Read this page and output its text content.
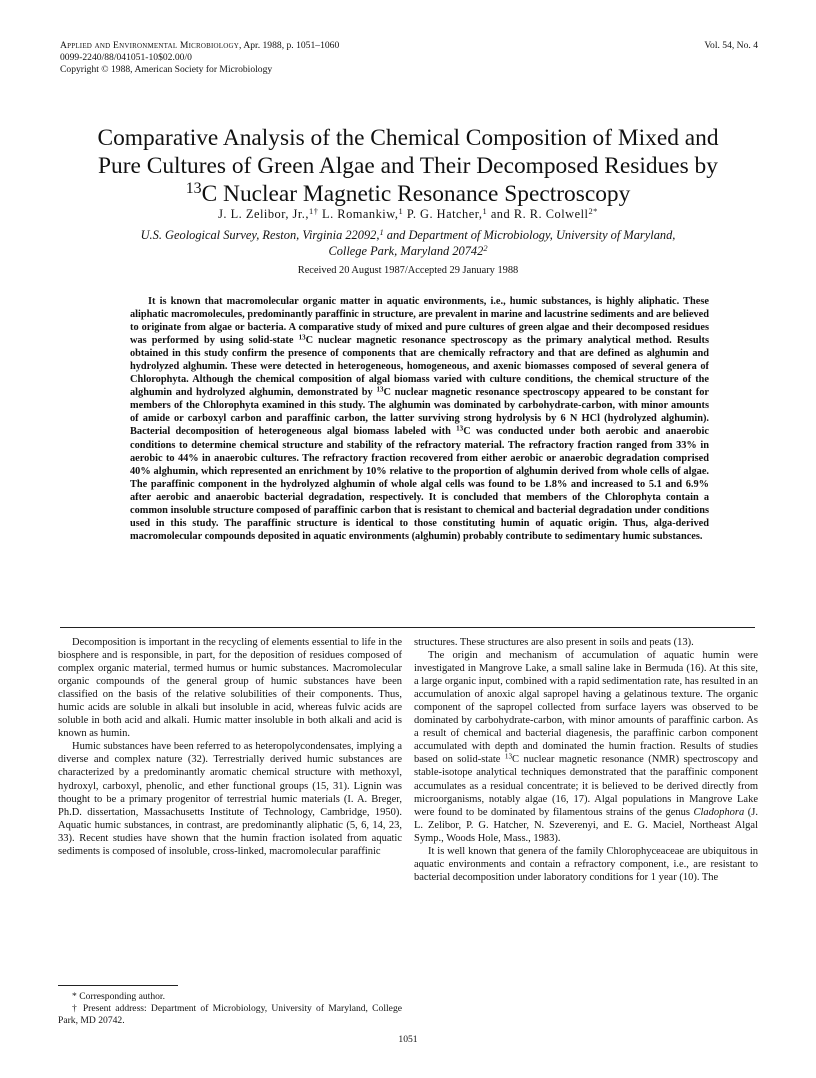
Applied and Environmental Microbiology, Apr. 1988, p. 1051–1060
0099-2240/88/041051-10$02.00/0
Copyright © 1988, American Society for Microbiology
Vol. 54, No. 4
Comparative Analysis of the Chemical Composition of Mixed and
Pure Cultures of Green Algae and Their Decomposed Residues by
$^{13}$C Nuclear Magnetic Resonance Spectroscopy
J. L. Zelibor, Jr.,$^{1\dagger}$ L. Romankiw,$^1$ P. G. Hatcher,$^1$ and R. R. Colwell$^{2*}$
U.S. Geological Survey, Reston, Virginia 22092,$^1$ and Department of Microbiology, University of Maryland,
College Park, Maryland 20742$^2$
Received 20 August 1987/Accepted 29 January 1988

It is known that macromolecular organic matter in aquatic environments, i.e., humic substances, is highly aliphatic. These aliphatic macromolecules, predominantly paraffinic in structure, are prevalent in marine and lacustrine sediments and are believed to originate from algae or bacteria. A comparative study of mixed and pure cultures of green algae and their decomposed residues was performed by using solid-state $^{13}$C nuclear magnetic resonance spectroscopy as the primary analytical method. Results obtained in this study confirm the presence of components that are chemically refractory and that are defined as alghumin and hydrolyzed alghumin. These were detected in heterogeneous, homogeneous, and axenic biomasses composed of several genera of Chlorophyta. Although the chemical composition of algal biomass varied with culture conditions, the chemical structure of the alghumin and hydrolyzed alghumin, demonstrated by $^{13}$C nuclear magnetic resonance spectroscopy appeared to be constant for members of the Chlorophyta examined in this study. The alghumin was dominated by carbohydrate-carbon, with minor amounts of amide or carboxyl carbon and paraffinic carbon, the latter surviving strong hydrolysis by 6 N HCl (hydrolyzed alghumin). Bacterial decomposition of heterogeneous algal biomass labeled with $^{13}$C was conducted under both aerobic and anaerobic conditions to determine chemical structure and stability of the refractory material. The refractory fraction ranged from 33% in aerobic to 44% in anaerobic cultures. The refractory fraction recovered from either aerobic or anaerobic degradation comprised 40% alghumin, which represented an enrichment by 10% relative to the proportion of alghumin derived from whole cells of algae. The paraffinic component in the hydrolyzed alghumin of whole algal cells was found to be 1.8% and increased to 5.1 and 6.9% after aerobic and anaerobic bacterial degradation, respectively. It is concluded that members of the Chlorophyta contain a common insoluble structure composed of paraffinic carbon that is resistant to chemical and bacterial degradation under conditions used in this study. The paraffinic structure is identical to those constituting humin of aquatic origin. Thus, alga-derived macromolecular compounds deposited in aquatic environments (alghumin) probably contribute to sedimentary humic substances.

Decomposition is important in the recycling of elements essential to life in the biosphere and is responsible, in part, for the deposition of residues composed of complex organic material, termed humus or humic substances. Macromolecular organic compounds of the general group of humic substances have been classified on the basis of the relative solubilities of their components. Thus, humic acids are soluble in alkali but insoluble in acid, whereas fulvic acids are soluble in both acid and alkali. Humic matter insoluble in both alkali and acid is known as humin.

Humic substances have been referred to as heteropolycondensates, implying a diverse and complex nature (32). Terrestrially derived humic substances are characterized by a predominantly aromatic chemical structure with methoxyl, hydroxyl, carboxyl, phenolic, and ether functional groups (15, 31). Lignin was thought to be a primary progenitor of terrestrial humic materials (I. A. Breger, Ph.D. dissertation, Massachusetts Institute of Technology, Cambridge, 1950). Aquatic humic substances, in contrast, are predominantly aliphatic (5, 6, 14, 23, 33). Recent studies have shown that the humin fraction isolated from aquatic sediments is composed of insoluble, cross-linked, macromolecular paraffinic

structures. These structures are also present in soils and peats (13).

The origin and mechanism of accumulation of aquatic humin were investigated in Mangrove Lake, a small saline lake in Bermuda (16). At this site, a large organic input, combined with a rapid sedimentation rate, has resulted in an accumulation of anoxic algal sapropel having a gelatinous texture. The organic component of the sapropel collected from surface layers was observed to be dominated by carbohydrate-carbon, with minor amounts of paraffinic carbon. As a result of chemical and bacterial diagenesis, the paraffinic carbon component accumulated with depth and dominated the humin fraction. Results of studies based on solid-state $^{13}$C nuclear magnetic resonance (NMR) spectroscopy and stable-isotope analytical techniques demonstrated that the paraffinic component accumulates as a residual concentrate; it is believed to be derived directly from microorganisms, notably algae (16, 17). Algal populations in Mangrove Lake were found to be dominated by filamentous strains of the genus Cladophora (J. L. Zelibor, P. G. Hatcher, N. Szeverenyi, and E. G. Maciel, Northeast Algal Symp., Woods Hole, Mass., 1983).

It is well known that genera of the family Chlorophyceaceae are ubiquitous in aquatic environments and contain a refractory component, i.e., are resistant to bacterial decomposition under laboratory conditions for 1 year (10). The

* Corresponding author.

† Present address: Department of Microbiology, University of Maryland, College Park, MD 20742.

1051
